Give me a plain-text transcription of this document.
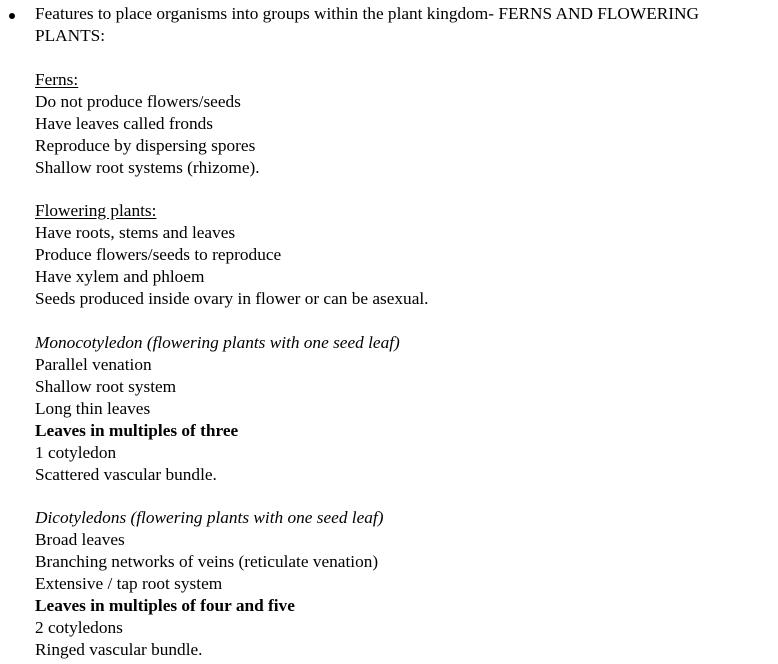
Features to place organisms into groups within the plant kingdom- FERNS AND FLOWERING
PLANTS:
Ferns:
Do not produce flowers/seeds
Have leaves called fronds
Reproduce by dispersing spores
Shallow root systems (rhizome).
Flowering plants:
Have roots, stems and leaves
Produce flowers/seeds to reproduce
Have xylem and phloem
Seeds produced inside ovary in flower or can be asexual.
Monocotyledon (flowering plants with one seed leaf)
Parallel venation
Shallow root system
Long thin leaves
Leaves in multiples of three
1 cotyledon
Scattered vascular bundle.
Dicotyledons (flowering plants with one seed leaf)
Broad leaves
Branching networks of veins (reticulate venation)
Extensive / tap root system
Leaves in multiples of four and five
2 cotyledons
Ringed vascular bundle.
